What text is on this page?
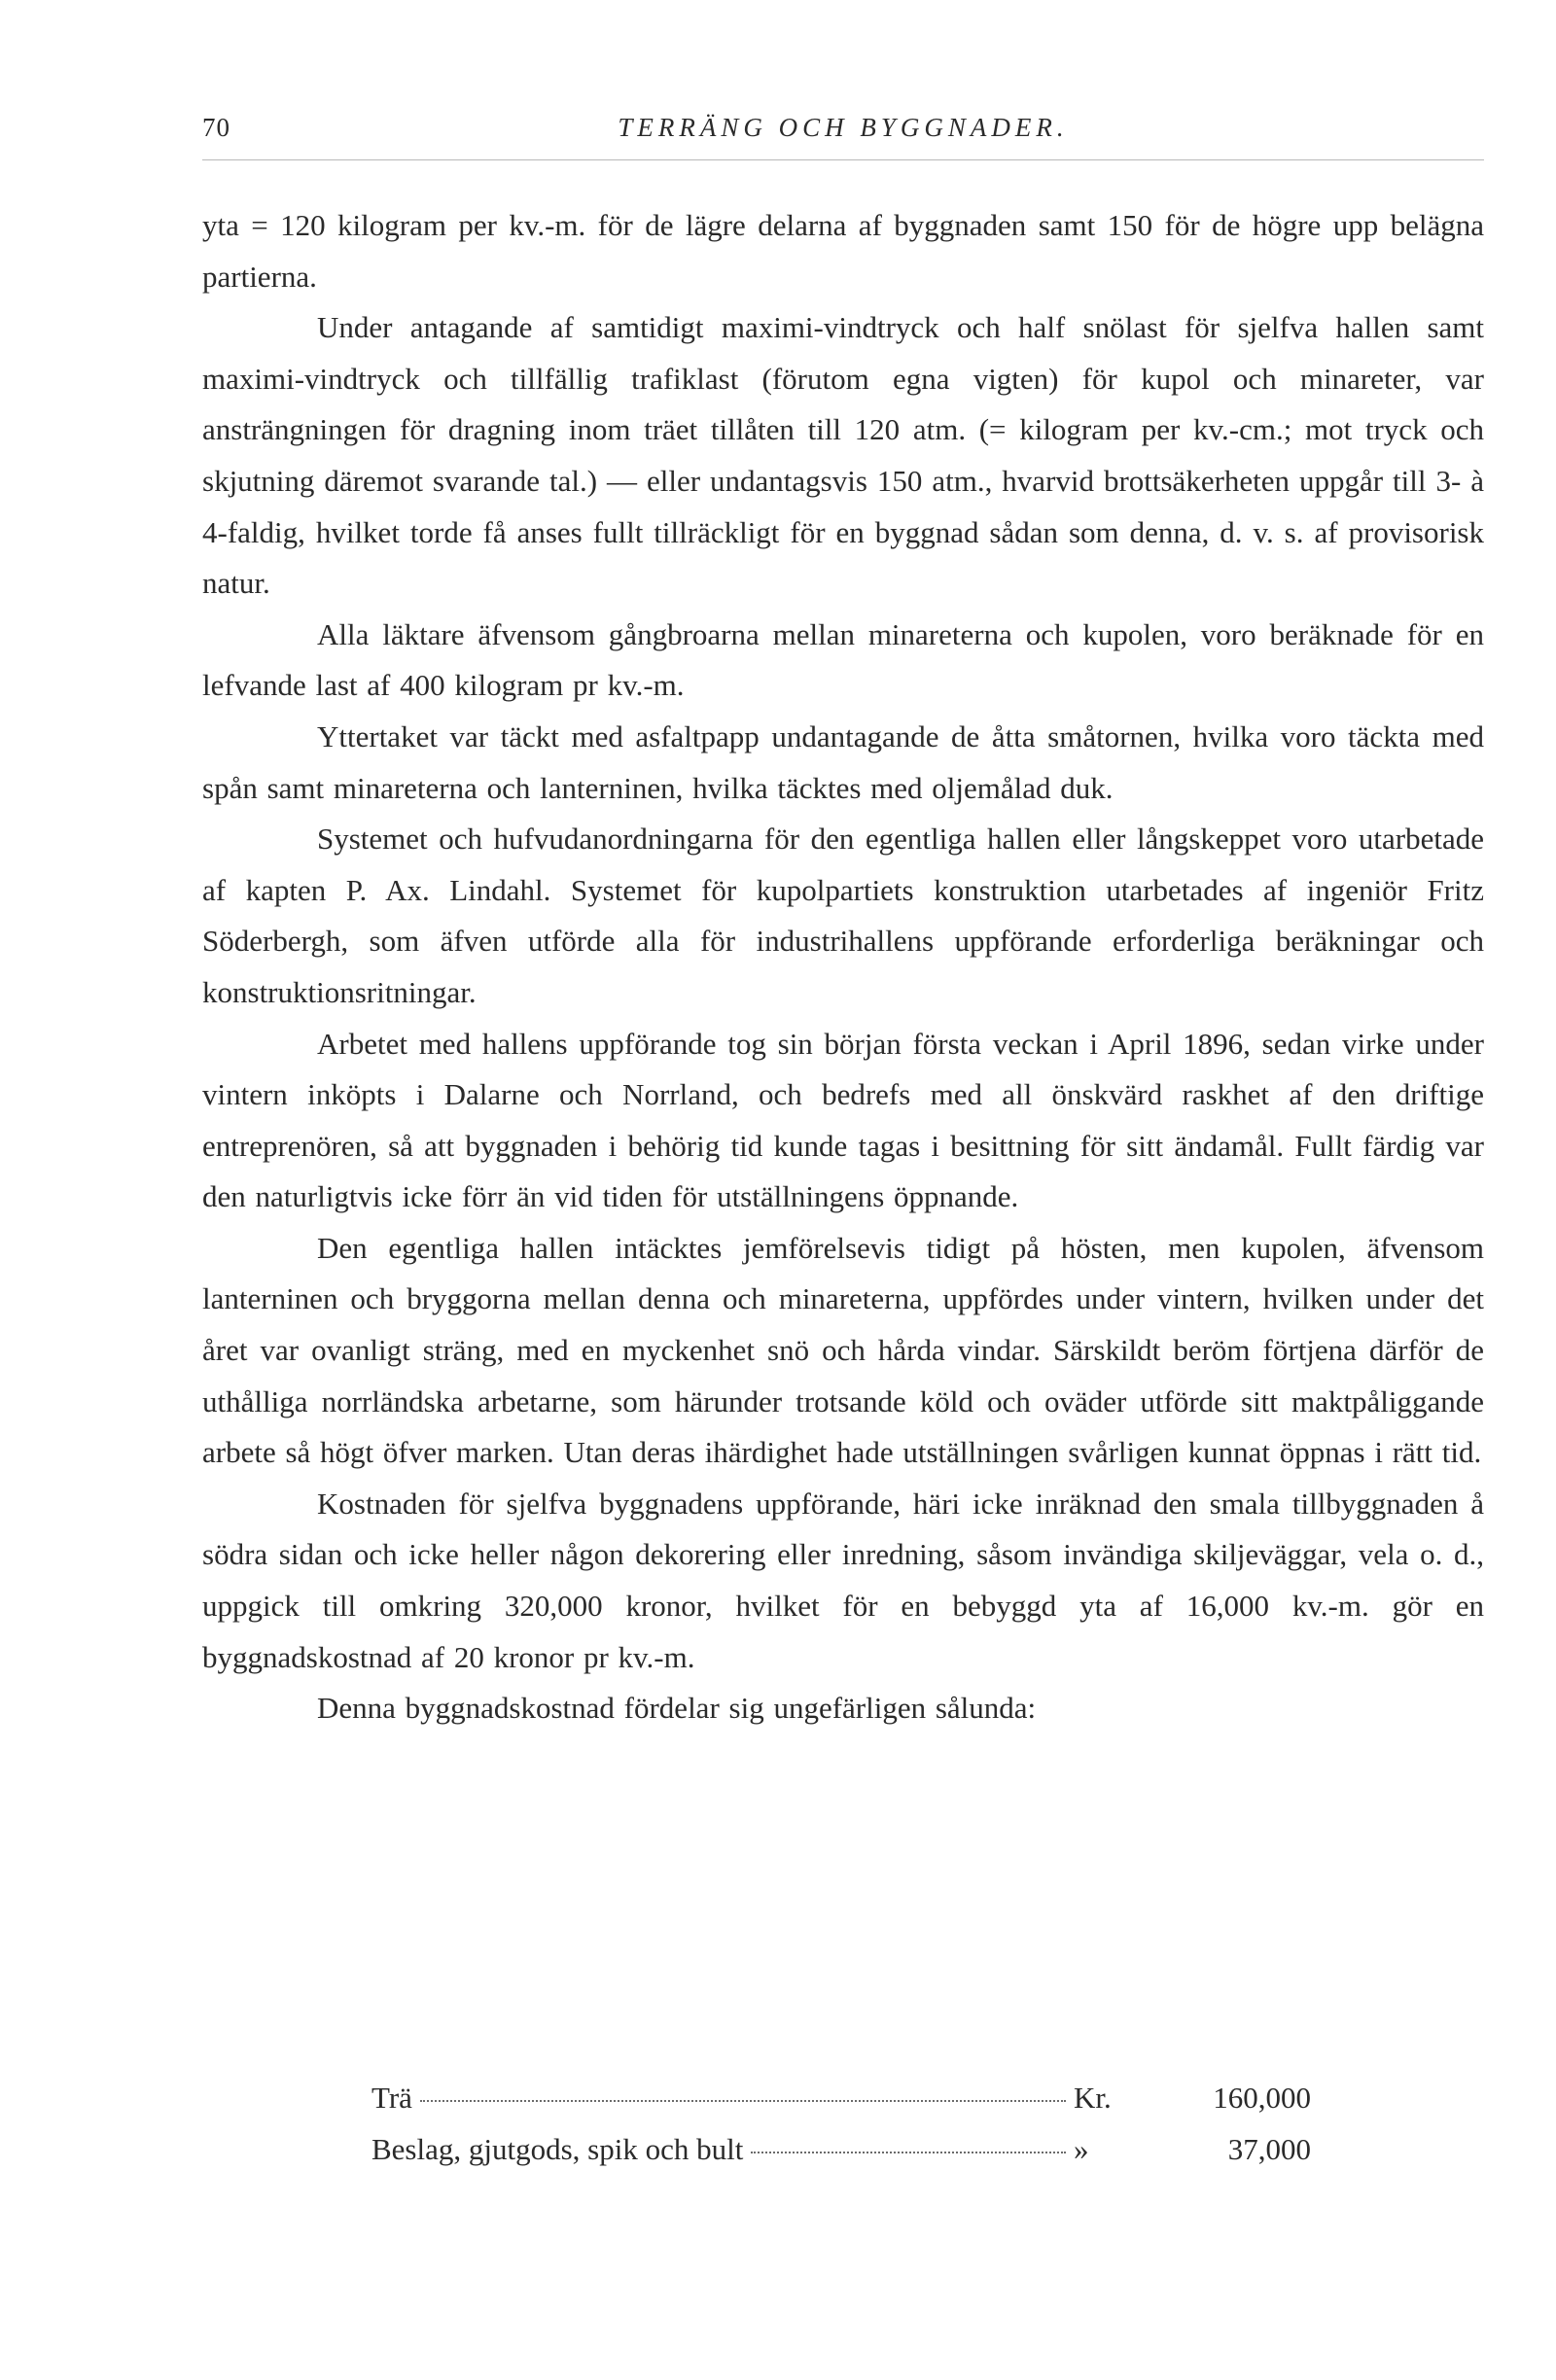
70	TERRÄNG OCH BYGGNADER.

yta = 120 kilogram per kv.-m. för de lägre delarna af byggnaden samt 150 för de högre upp belägna partierna.

Under antagande af samtidigt maximi-vindtryck och half snölast för sjelfva hallen samt maximi-vindtryck och tillfällig trafiklast (förutom egna vigten) för kupol och minareter, var ansträngningen för dragning inom träet tillåten till 120 atm. (= kilogram per kv.-cm.; mot tryck och skjutning däremot svarande tal.) — eller undantagsvis 150 atm., hvarvid brottsäkerheten uppgår till 3- à 4-faldig, hvilket torde få anses fullt tillräckligt för en byggnad sådan som denna, d. v. s. af provisorisk natur.

Alla läktare äfvensom gångbroarna mellan minareterna och kupolen, voro beräknade för en lefvande last af 400 kilogram pr kv.-m.

Yttertaket var täckt med asfaltpapp undantagande de åtta småtornen, hvilka voro täckta med spån samt minareterna och lanterninen, hvilka täcktes med oljemålad duk.

Systemet och hufvudanordningarna för den egentliga hallen eller långskeppet voro utarbetade af kapten P. Ax. Lindahl. Systemet för kupolpartiets konstruktion utarbetades af ingeniör Fritz Söderbergh, som äfven utförde alla för industrihallens uppförande erforderliga beräkningar och konstruktionsritningar.

Arbetet med hallens uppförande tog sin början första veckan i April 1896, sedan virke under vintern inköpts i Dalarne och Norrland, och bedrefs med all önskvärd raskhet af den driftige entreprenören, så att byggnaden i behörig tid kunde tagas i besittning för sitt ändamål. Fullt färdig var den naturligtvis icke förr än vid tiden för utställningens öppnande.

Den egentliga hallen intäcktes jemförelsevis tidigt på hösten, men kupolen, äfvensom lanterninen och bryggorna mellan denna och minareterna, uppfördes under vintern, hvilken under det året var ovanligt sträng, med en myckenhet snö och hårda vindar. Särskildt beröm förtjena därför de uthålliga norrländska arbetarne, som härunder trotsande köld och oväder utförde sitt maktpåliggande arbete så högt öfver marken. Utan deras ihärdighet hade utställningen svårligen kunnat öppnas i rätt tid.

Kostnaden för sjelfva byggnadens uppförande, häri icke inräknad den smala tillbyggnaden å södra sidan och icke heller någon dekorering eller inredning, såsom invändiga skiljeväggar, vela o. d., uppgick till omkring 320,000 kronor, hvilket för en bebyggd yta af 16,000 kv.-m. gör en byggnadskostnad af 20 kronor pr kv.-m.

Denna byggnadskostnad fördelar sig ungefärligen sålunda:

Trä	Kr.	160,000
Beslag, gjutgods, spik och bult	»	37,000
